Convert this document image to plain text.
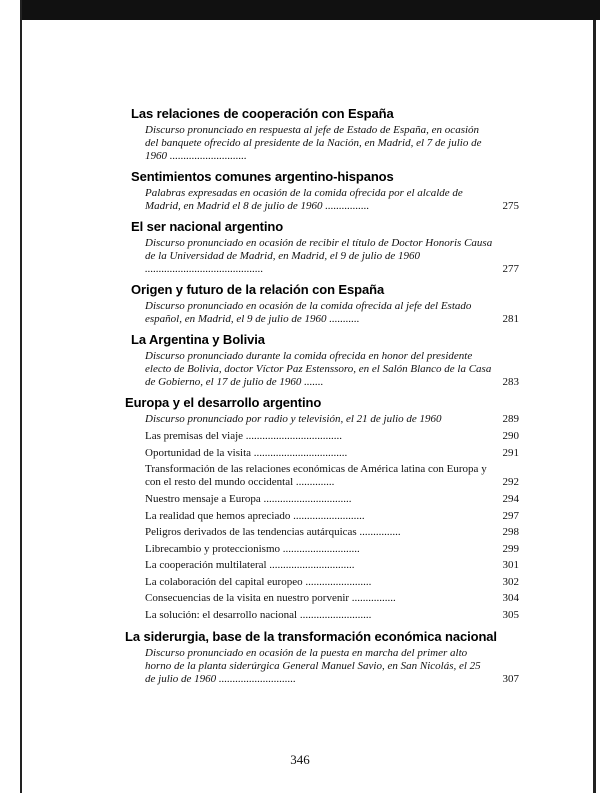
Las relaciones de cooperación con España
Discurso pronunciado en respuesta al jefe de Estado de España, en ocasión del banquete ofrecido al presidente de la Nación, en Madrid, el 7 de julio de 1960 ............................
Sentimientos comunes argentino-hispanos
Palabras expresadas en ocasión de la comida ofrecida por el alcalde de Madrid, en Madrid el 8 de julio de 1960 ................	275
El ser nacional argentino
Discurso pronunciado en ocasión de recibir el título de Doctor Honoris Causa de la Universidad de Madrid, en Madrid, el 9 de julio de 1960 ...........................................	277
Origen y futuro de la relación con España
Discurso pronunciado en ocasión de la comida ofrecida al jefe del Estado español, en Madrid, el 9 de julio de 1960 ...........	281
La Argentina y Bolivia
Discurso pronunciado durante la comida ofrecida en honor del presidente electo de Bolivia, doctor Víctor Paz Estenssoro, en el Salón Blanco de la Casa de Gobierno, el 17 de julio de 1960 .......	283
Europa y el desarrollo argentino
Discurso pronunciado por radio y televisión, el 21 de julio de 1960	289
Las premisas del viaje ...................................	290
Oportunidad de la visita ..................................	291
Transformación de las relaciones económicas de América latina con Europa y con el resto del mundo occidental ..............	292
Nuestro mensaje a Europa ................................	294
La realidad que hemos apreciado ..........................	297
Peligros derivados de las tendencias autárquicas ...............	298
Librecambio y proteccionismo ............................	299
La cooperación multilateral ...............................	301
La colaboración del capital europeo ........................	302
Consecuencias de la visita en nuestro porvenir ................	304
La solución: el desarrollo nacional ..........................	305
La siderurgia, base de la transformación económica nacional
Discurso pronunciado en ocasión de la puesta en marcha del primer alto horno de la planta siderúrgica General Manuel Savio, en San Nicolás, el 25 de julio de 1960 ............................	307
346
